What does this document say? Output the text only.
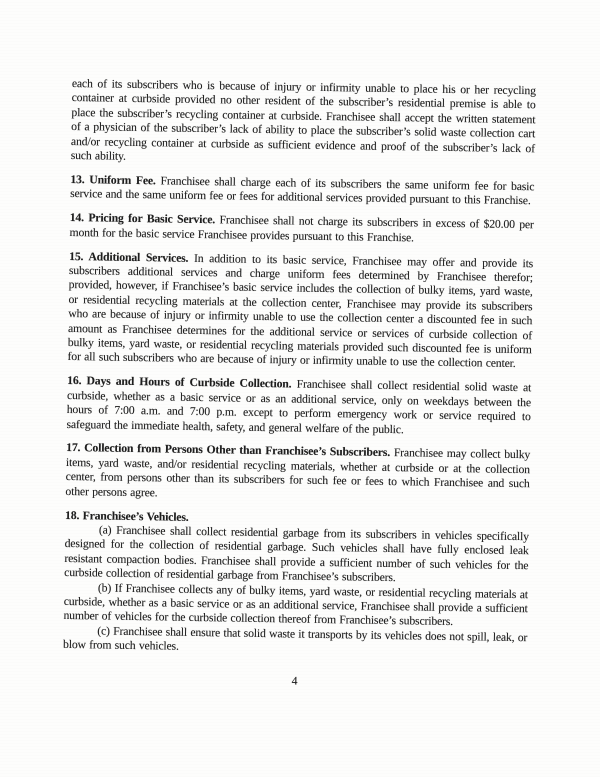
each of its subscribers who is because of injury or infirmity unable to place his or her recycling container at curbside provided no other resident of the subscriber’s residential premise is able to place the subscriber’s recycling container at curbside. Franchisee shall accept the written statement of a physician of the subscriber’s lack of ability to place the subscriber’s solid waste collection cart and/or recycling container at curbside as sufficient evidence and proof of the subscriber’s lack of such ability.

13. Uniform Fee. Franchisee shall charge each of its subscribers the same uniform fee for basic service and the same uniform fee or fees for additional services provided pursuant to this Franchise.

14. Pricing for Basic Service. Franchisee shall not charge its subscribers in excess of $20.00 per month for the basic service Franchisee provides pursuant to this Franchise.

15. Additional Services. In addition to its basic service, Franchisee may offer and provide its subscribers additional services and charge uniform fees determined by Franchisee therefor; provided, however, if Franchisee’s basic service includes the collection of bulky items, yard waste, or residential recycling materials at the collection center, Franchisee may provide its subscribers who are because of injury or infirmity unable to use the collection center a discounted fee in such amount as Franchisee determines for the additional service or services of curbside collection of bulky items, yard waste, or residential recycling materials provided such discounted fee is uniform for all such subscribers who are because of injury or infirmity unable to use the collection center.

16. Days and Hours of Curbside Collection. Franchisee shall collect residential solid waste at curbside, whether as a basic service or as an additional service, only on weekdays between the hours of 7:00 a.m. and 7:00 p.m. except to perform emergency work or service required to safeguard the immediate health, safety, and general welfare of the public.

17. Collection from Persons Other than Franchisee’s Subscribers. Franchisee may collect bulky items, yard waste, and/or residential recycling materials, whether at curbside or at the collection center, from persons other than its subscribers for such fee or fees to which Franchisee and such other persons agree.

18. Franchisee’s Vehicles.

(a) Franchisee shall collect residential garbage from its subscribers in vehicles specifically designed for the collection of residential garbage. Such vehicles shall have fully enclosed leak resistant compaction bodies. Franchisee shall provide a sufficient number of such vehicles for the curbside collection of residential garbage from Franchisee’s subscribers.

(b) If Franchisee collects any of bulky items, yard waste, or residential recycling materials at curbside, whether as a basic service or as an additional service, Franchisee shall provide a sufficient number of vehicles for the curbside collection thereof from Franchisee’s subscribers.

(c) Franchisee shall ensure that solid waste it transports by its vehicles does not spill, leak, or blow from such vehicles.

4
